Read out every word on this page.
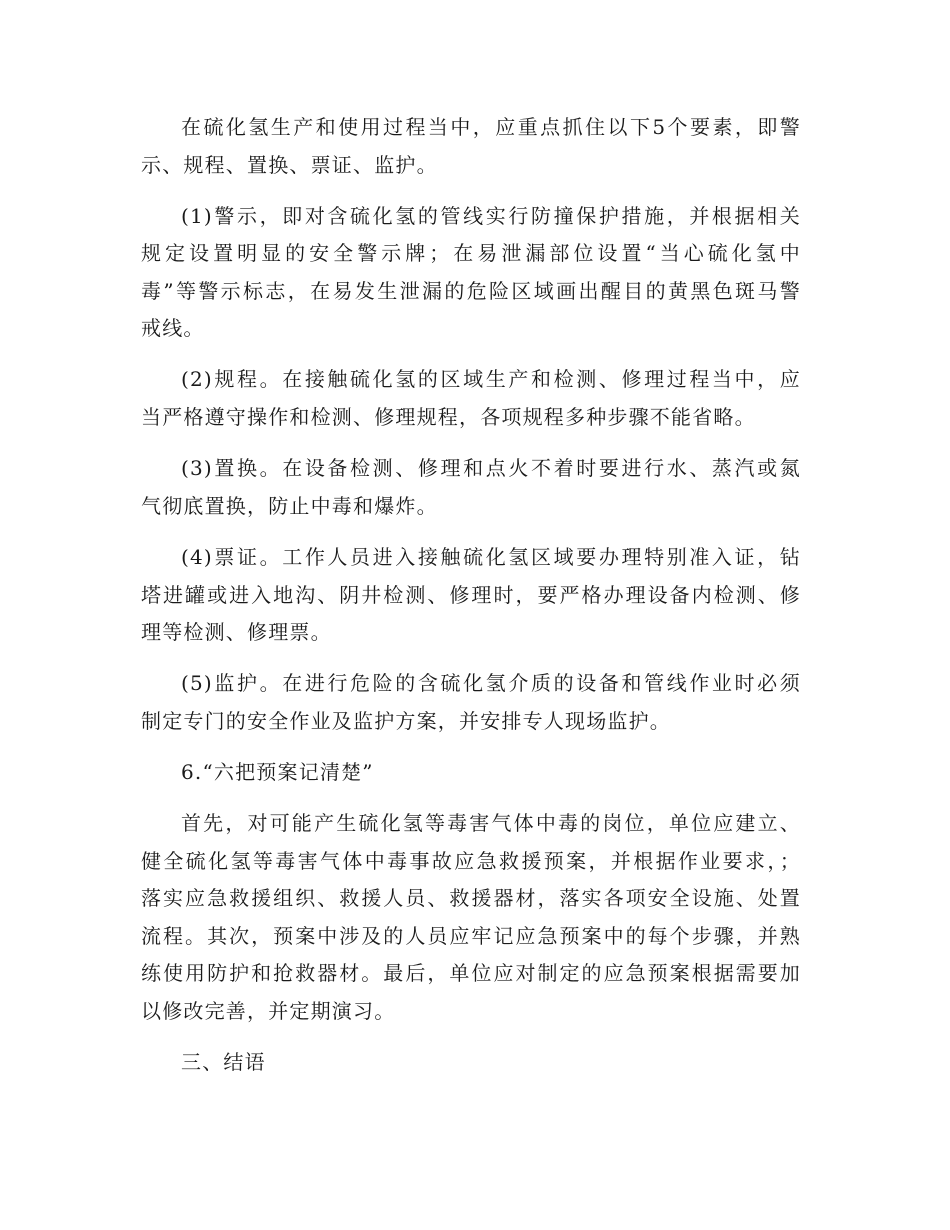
在硫化氢生产和使用过程当中，应重点抓住以下5个要素，即警
示、规程、置换、票证、监护。
(1)警示，即对含硫化氢的管线实行防撞保护措施，并根据相关
规定设置明显的安全警示牌；在易泄漏部位设置“当心硫化氢中
毒”等警示标志，在易发生泄漏的危险区域画出醒目的黄黑色斑马警
戒线。
(2)规程。在接触硫化氢的区域生产和检测、修理过程当中，应
当严格遵守操作和检测、修理规程，各项规程多种步骤不能省略。
(3)置换。在设备检测、修理和点火不着时要进行水、蒸汽或氮
气彻底置换，防止中毒和爆炸。
(4)票证。工作人员进入接触硫化氢区域要办理特别准入证，钻
塔进罐或进入地沟、阴井检测、修理时，要严格办理设备内检测、修
理等检测、修理票。
(5)监护。在进行危险的含硫化氢介质的设备和管线作业时必须
制定专门的安全作业及监护方案，并安排专人现场监护。
6.“六把预案记清楚”
首先，对可能产生硫化氢等毒害气体中毒的岗位，单位应建立、
健全硫化氢等毒害气体中毒事故应急救援预案，并根据作业要求，；
落实应急救援组织、救援人员、救援器材，落实各项安全设施、处置
流程。其次，预案中涉及的人员应牢记应急预案中的每个步骤，并熟
练使用防护和抢救器材。最后，单位应对制定的应急预案根据需要加
以修改完善，并定期演习。
三、结语
